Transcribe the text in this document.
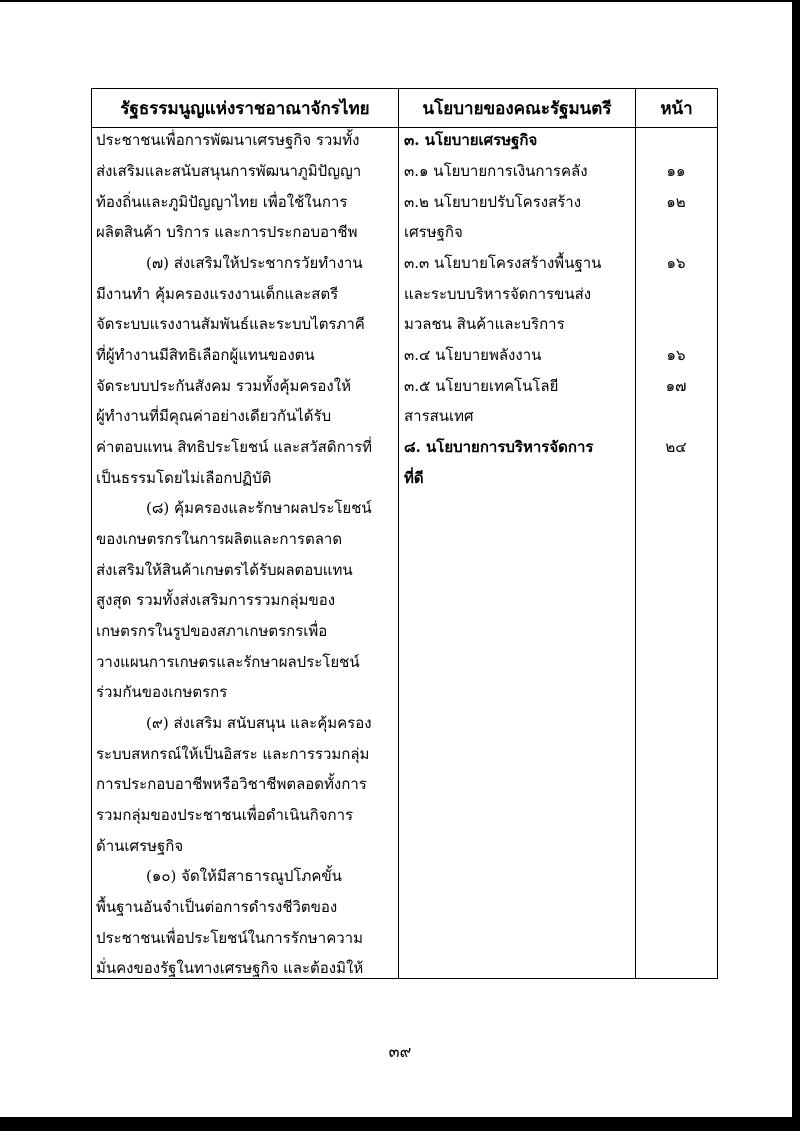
รัฐธรรมนูญแห่งราชอาณาจักรไทย	นโยบายของคณะรัฐมนตรี	หน้า
ประชาชนเพื่อการพัฒนาเศรษฐกิจ รวมทั้ง
ส่งเสริมและสนับสนุนการพัฒนาภูมิปัญญา
ท้องถิ่นและภูมิปัญญาไทย เพื่อใช้ในการ
ผลิตสินค้า บริการ และการประกอบอาชีพ
(๗) ส่งเสริมให้ประชากรวัยทำงาน
มีงานทำ คุ้มครองแรงงานเด็กและสตรี
จัดระบบแรงงานสัมพันธ์และระบบไตรภาคี
ที่ผู้ทำงานมีสิทธิเลือกผู้แทนของตน
จัดระบบประกันสังคม รวมทั้งคุ้มครองให้
ผู้ทำงานที่มีคุณค่าอย่างเดียวกันได้รับ
ค่าตอบแทน สิทธิประโยชน์ และสวัสดิการที่
เป็นธรรมโดยไม่เลือกปฏิบัติ
(๘) คุ้มครองและรักษาผลประโยชน์
ของเกษตรกรในการผลิตและการตลาด
ส่งเสริมให้สินค้าเกษตรได้รับผลตอบแทน
สูงสุด รวมทั้งส่งเสริมการรวมกลุ่มของ
เกษตรกรในรูปของสภาเกษตรกรเพื่อ
วางแผนการเกษตรและรักษาผลประโยชน์
ร่วมกันของเกษตรกร
(๙) ส่งเสริม สนับสนุน และคุ้มครอง
ระบบสหกรณ์ให้เป็นอิสระ และการรวมกลุ่ม
การประกอบอาชีพหรือวิชาชีพตลอดทั้งการ
รวมกลุ่มของประชาชนเพื่อดำเนินกิจการ
ด้านเศรษฐกิจ
(๑๐) จัดให้มีสาธารณูปโภคขั้น
พื้นฐานอันจำเป็นต่อการดำรงชีวิตของ
ประชาชนเพื่อประโยชน์ในการรักษาความ
มั่นคงของรัฐในทางเศรษฐกิจ และต้องมิให้
๓. นโยบายเศรษฐกิจ
๓.๑ นโยบายการเงินการคลัง
๓.๒ นโยบายปรับโครงสร้าง
เศรษฐกิจ
๓.๓ นโยบายโครงสร้างพื้นฐาน
และระบบบริหารจัดการขนส่ง
มวลชน สินค้าและบริการ
๓.๔ นโยบายพลังงาน
๓.๕ นโยบายเทคโนโลยี
สารสนเทศ
๘. นโยบายการบริหารจัดการ
ที่ดี
๑๑
๑๒
๑๖
๑๖
๑๗
๒๔
๓๙
